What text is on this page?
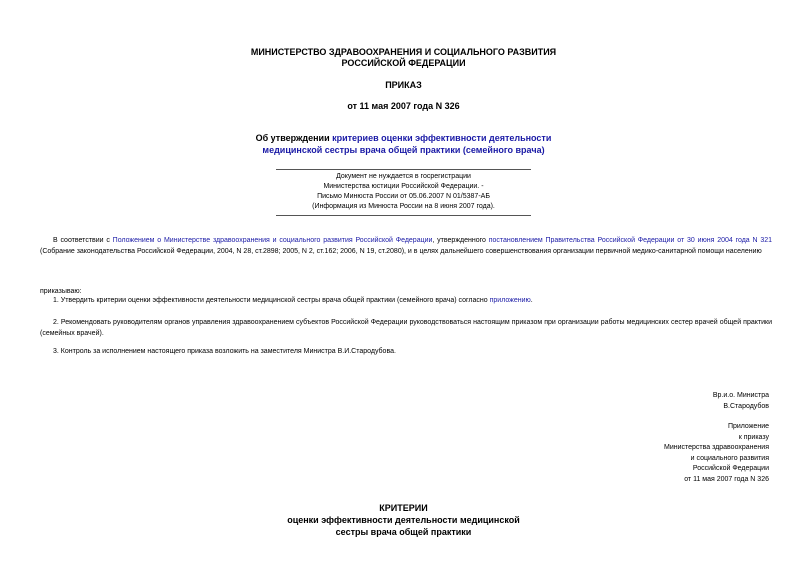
МИНИСТЕРСТВО ЗДРАВООХРАНЕНИЯ И СОЦИАЛЬНОГО РАЗВИТИЯ
РОССИЙСКОЙ ФЕДЕРАЦИИ
ПРИКАЗ
от 11 мая 2007 года N 326
Об утверждении критериев оценки эффективности деятельности
медицинской сестры врача общей практики (семейного врача)
Документ не нуждается в госрегистрации
Министерства юстиции Российской Федерации. -
Письмо Минюста России от 05.06.2007 N 01/5387-АБ
(Информация из Минюста России на 8 июня 2007 года).
В соответствии с Положением о Министерстве здравоохранения и социального развития Российской Федерации, утвержденного постановлением Правительства Российской Федерации от 30 июня 2004 года N 321 (Собрание законодательства Российской Федерации, 2004, N 28, ст.2898; 2005, N 2, ст.162; 2006, N 19, ст.2080), и в целях дальнейшего совершенствования организации первичной медико-санитарной помощи населению
приказываю:
1. Утвердить критерии оценки эффективности деятельности медицинской сестры врача общей практики (семейного врача) согласно приложению.
2. Рекомендовать руководителям органов управления здравоохранением субъектов Российской Федерации руководствоваться настоящим приказом при организации работы медицинских сестер врачей общей практики (семейных врачей).
3. Контроль за исполнением настоящего приказа возложить на заместителя Министра В.И.Стародубова.
Вр.и.о. Министра
В.Стародубов
Приложение
к приказу
Министерства здравоохранения
и социального развития
Российской Федерации
от 11 мая 2007 года N 326
КРИТЕРИИ
оценки эффективности деятельности медицинской
сестры врача общей практики
